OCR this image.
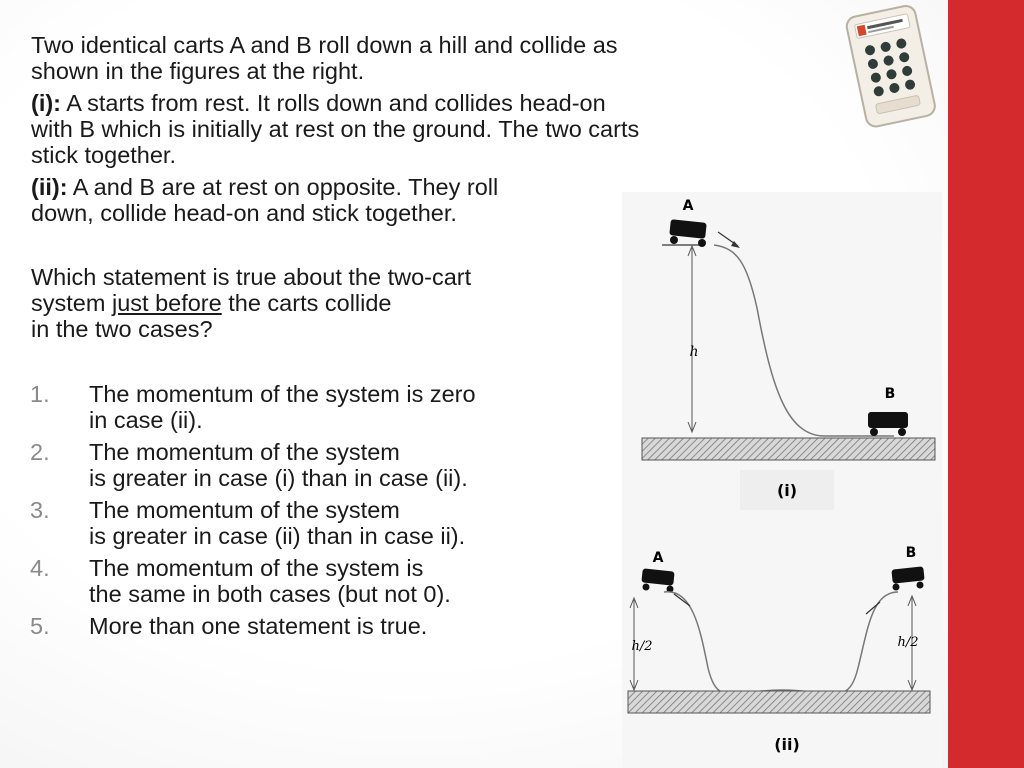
Two identical carts A and B roll down a hill and collide as
shown in the figures at the right.
(i): A starts from rest. It rolls down and collides head-on
with B which is initially at rest on the ground. The two carts
stick together.
(ii): A and B are at rest on opposite. They roll
down, collide head-on and stick together.
Which statement is true about the two-cart
system just before the carts collide
in the two cases?
1. The momentum of the system is zero
in case (ii).
2. The momentum of the system
is greater in case (i) than in case (ii).
3. The momentum of the system
is greater in case (ii) than in case ii).
4. The momentum of the system is
the same in both cases (but not 0).
5. More than one statement is true.
A
h
B
(i)
A	B
h/2	h/2
(ii)
